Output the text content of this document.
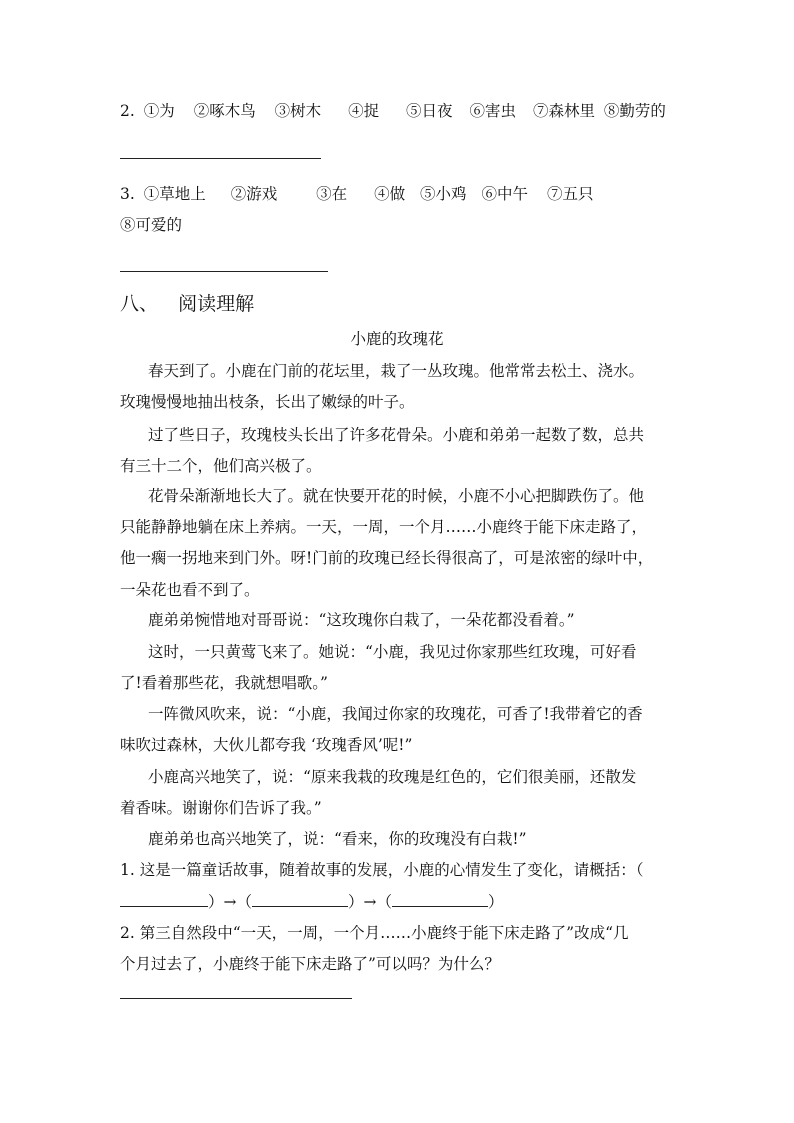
2. ①为 ②啄木鸟 ③树木 ④捉 ⑤日夜 ⑥害虫 ⑦森林里 ⑧勤劳的
3. ①草地上 ②游戏	③在 ④做 ⑤小鸡 ⑥中午 ⑦五只
⑧可爱的
八、 阅读理解
小鹿的玫瑰花
春天到了。小鹿在门前的花坛里，栽了一丛玫瑰。他常常去松土、浇水。
玫瑰慢慢地抽出枝条，长出了嫩绿的叶子。
过了些日子，玫瑰枝头长出了许多花骨朵。小鹿和弟弟一起数了数，总共
有三十二个，他们高兴极了。
花骨朵渐渐地长大了。就在快要开花的时候，小鹿不小心把脚跌伤了。他
只能静静地躺在床上养病。一天，一周，一个月……小鹿终于能下床走路了，
他一瘸一拐地来到门外。呀!门前的玫瑰已经长得很高了，可是浓密的绿叶中，
一朵花也看不到了。
鹿弟弟惋惜地对哥哥说：“这玫瑰你白栽了，一朵花都没看着。”
这时，一只黄莺飞来了。她说：“小鹿，我见过你家那些红玫瑰，可好看
了!看着那些花，我就想唱歌。”
一阵微风吹来，说：“小鹿，我闻过你家的玫瑰花，可香了!我带着它的香
味吹过森林，大伙儿都夸我 ‘玫瑰香风’呢!”
小鹿高兴地笑了，说：“原来我栽的玫瑰是红色的，它们很美丽，还散发
着香味。谢谢你们告诉了我。”
鹿弟弟也高兴地笑了，说：“看来，你的玫瑰没有白栽!”
1. 这是一篇童话故事，随着故事的发展，小鹿的心情发生了变化，请概括：（
）→（	）→（	）
2. 第三自然段中“一天，一周，一个月……小鹿终于能下床走路了”改成“几
个月过去了，小鹿终于能下床走路了”可以吗？为什么？
